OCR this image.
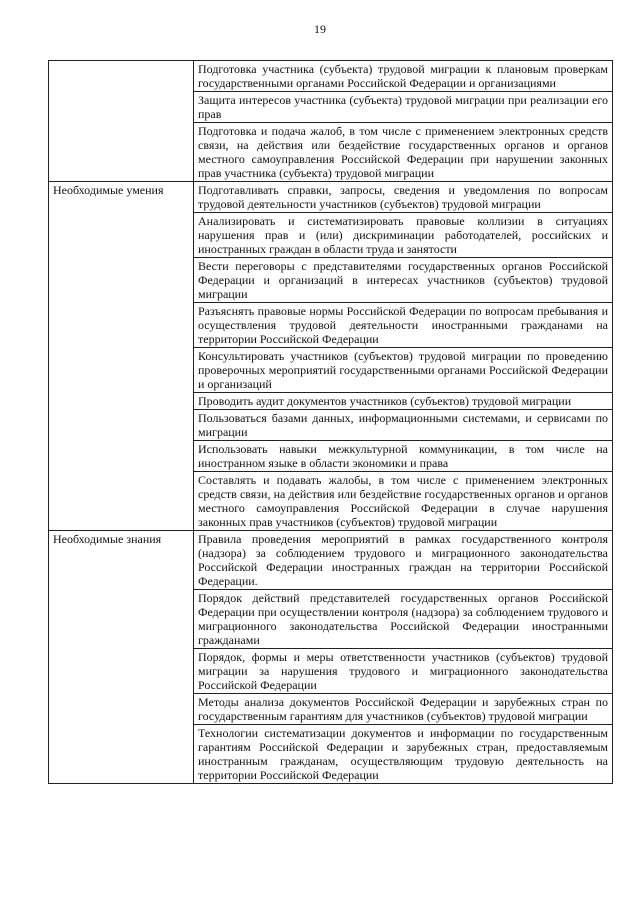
19
	Подготовка участника (субъекта) трудовой миграции к плановым проверкам государственными органами Российской Федерации и организациями
	Защита интересов участника (субъекта) трудовой миграции при реализации его прав
	Подготовка и подача жалоб, в том числе с применением электронных средств связи, на действия или бездействие государственных органов и органов местного самоуправления Российской Федерации при нарушении законных прав участника (субъекта) трудовой миграции
Необходимые умения	Подготавливать справки, запросы, сведения и уведомления по вопросам трудовой деятельности участников (субъектов) трудовой миграции
	Анализировать и систематизировать правовые коллизии в ситуациях нарушения прав и (или) дискриминации работодателей, российских и иностранных граждан в области труда и занятости
	Вести переговоры с представителями государственных органов Российской Федерации и организаций в интересах участников (субъектов) трудовой миграции
	Разъяснять правовые нормы Российской Федерации по вопросам пребывания и осуществления трудовой деятельности иностранными гражданами на территории Российской Федерации
	Консультировать участников (субъектов) трудовой миграции по проведению проверочных мероприятий государственными органами Российской Федерации и организаций
	Проводить аудит документов участников (субъектов) трудовой миграции
	Пользоваться базами данных, информационными системами, и сервисами по миграции
	Использовать навыки межкультурной коммуникации, в том числе на иностранном языке в области экономики и права
	Составлять и подавать жалобы, в том числе с применением электронных средств связи, на действия или бездействие государственных органов и органов местного самоуправления Российской Федерации в случае нарушения законных прав участников (субъектов) трудовой миграции
Необходимые знания	Правила проведения мероприятий в рамках государственного контроля (надзора) за соблюдением трудового и миграционного законодательства Российской Федерации иностранных граждан на территории Российской Федерации.
	Порядок действий представителей государственных органов Российской Федерации при осуществлении контроля (надзора) за соблюдением трудового и миграционного законодательства Российской Федерации иностранными гражданами
	Порядок, формы и меры ответственности участников (субъектов) трудовой миграции за нарушения трудового и миграционного законодательства Российской Федерации
	Методы анализа документов Российской Федерации и зарубежных стран по государственным гарантиям для участников (субъектов) трудовой миграции
	Технологии систематизации документов и информации по государственным гарантиям Российской Федерации и зарубежных стран, предоставляемым иностранным гражданам, осуществляющим трудовую деятельность на территории Российской Федерации
